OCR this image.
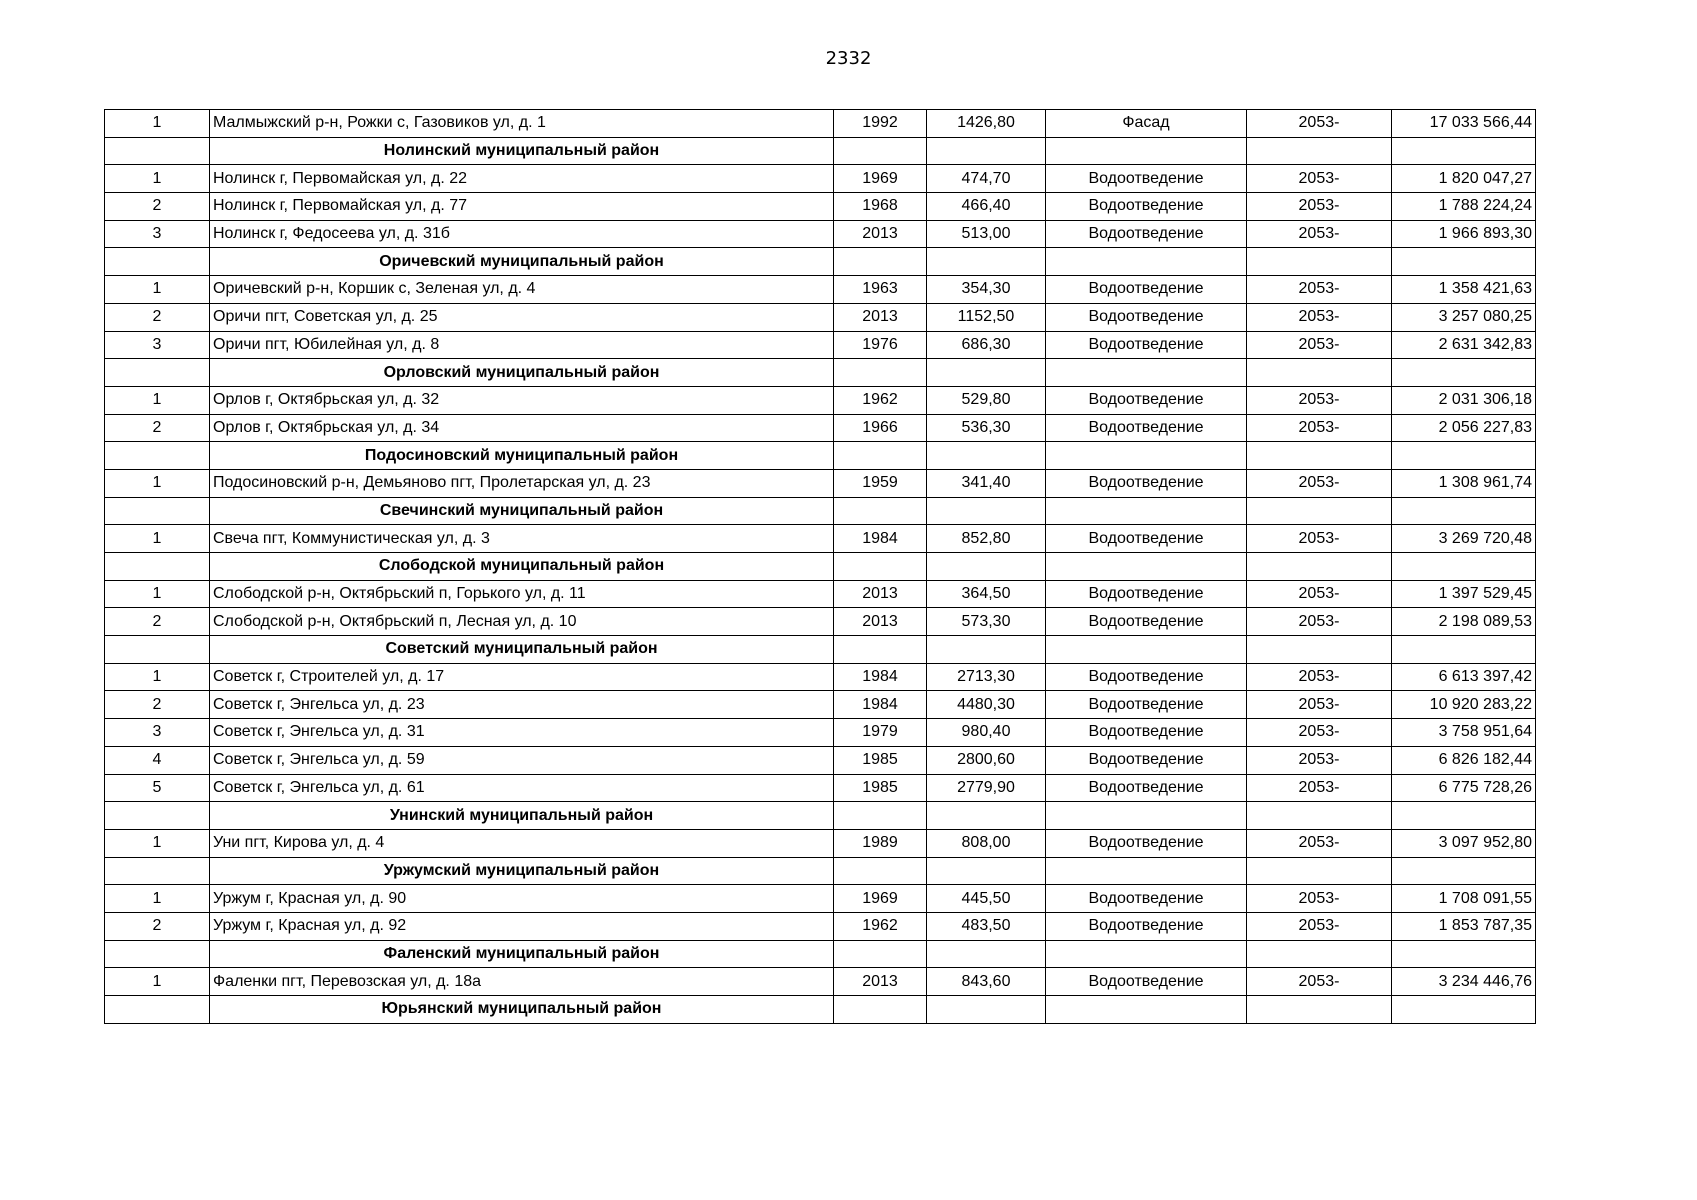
2332
1	Малмыжский р-н, Рожки с, Газовиков ул, д. 1	1992	1426,80	Фасад	2053-	17 033 566,44
	Нолинский муниципальный район					
1	Нолинск г, Первомайская ул, д. 22	1969	474,70	Водоотведение	2053-	1 820 047,27
2	Нолинск г, Первомайская ул, д. 77	1968	466,40	Водоотведение	2053-	1 788 224,24
3	Нолинск г, Федосеева ул, д. 31б	2013	513,00	Водоотведение	2053-	1 966 893,30
	Оричевский муниципальный район					
1	Оричевский р-н, Коршик с, Зеленая ул, д. 4	1963	354,30	Водоотведение	2053-	1 358 421,63
2	Оричи пгт, Советская ул, д. 25	2013	1152,50	Водоотведение	2053-	3 257 080,25
3	Оричи пгт, Юбилейная ул, д. 8	1976	686,30	Водоотведение	2053-	2 631 342,83
	Орловский муниципальный район					
1	Орлов г, Октябрьская ул, д. 32	1962	529,80	Водоотведение	2053-	2 031 306,18
2	Орлов г, Октябрьская ул, д. 34	1966	536,30	Водоотведение	2053-	2 056 227,83
	Подосиновский муниципальный район					
1	Подосиновский р-н, Демьяново пгт, Пролетарская ул, д. 23	1959	341,40	Водоотведение	2053-	1 308 961,74
	Свечинский муниципальный район					
1	Свеча пгт, Коммунистическая ул, д. 3	1984	852,80	Водоотведение	2053-	3 269 720,48
	Слободской муниципальный район					
1	Слободской р-н, Октябрьский п, Горького ул, д. 11	2013	364,50	Водоотведение	2053-	1 397 529,45
2	Слободской р-н, Октябрьский п, Лесная ул, д. 10	2013	573,30	Водоотведение	2053-	2 198 089,53
	Советский муниципальный район					
1	Советск г, Строителей ул, д. 17	1984	2713,30	Водоотведение	2053-	6 613 397,42
2	Советск г, Энгельса ул, д. 23	1984	4480,30	Водоотведение	2053-	10 920 283,22
3	Советск г, Энгельса ул, д. 31	1979	980,40	Водоотведение	2053-	3 758 951,64
4	Советск г, Энгельса ул, д. 59	1985	2800,60	Водоотведение	2053-	6 826 182,44
5	Советск г, Энгельса ул, д. 61	1985	2779,90	Водоотведение	2053-	6 775 728,26
	Унинский муниципальный район					
1	Уни пгт, Кирова ул, д. 4	1989	808,00	Водоотведение	2053-	3 097 952,80
	Уржумский муниципальный район					
1	Уржум г, Красная ул, д. 90	1969	445,50	Водоотведение	2053-	1 708 091,55
2	Уржум г, Красная ул, д. 92	1962	483,50	Водоотведение	2053-	1 853 787,35
	Фаленский муниципальный район					
1	Фаленки пгт, Перевозская ул, д. 18а	2013	843,60	Водоотведение	2053-	3 234 446,76
	Юрьянский муниципальный район					
